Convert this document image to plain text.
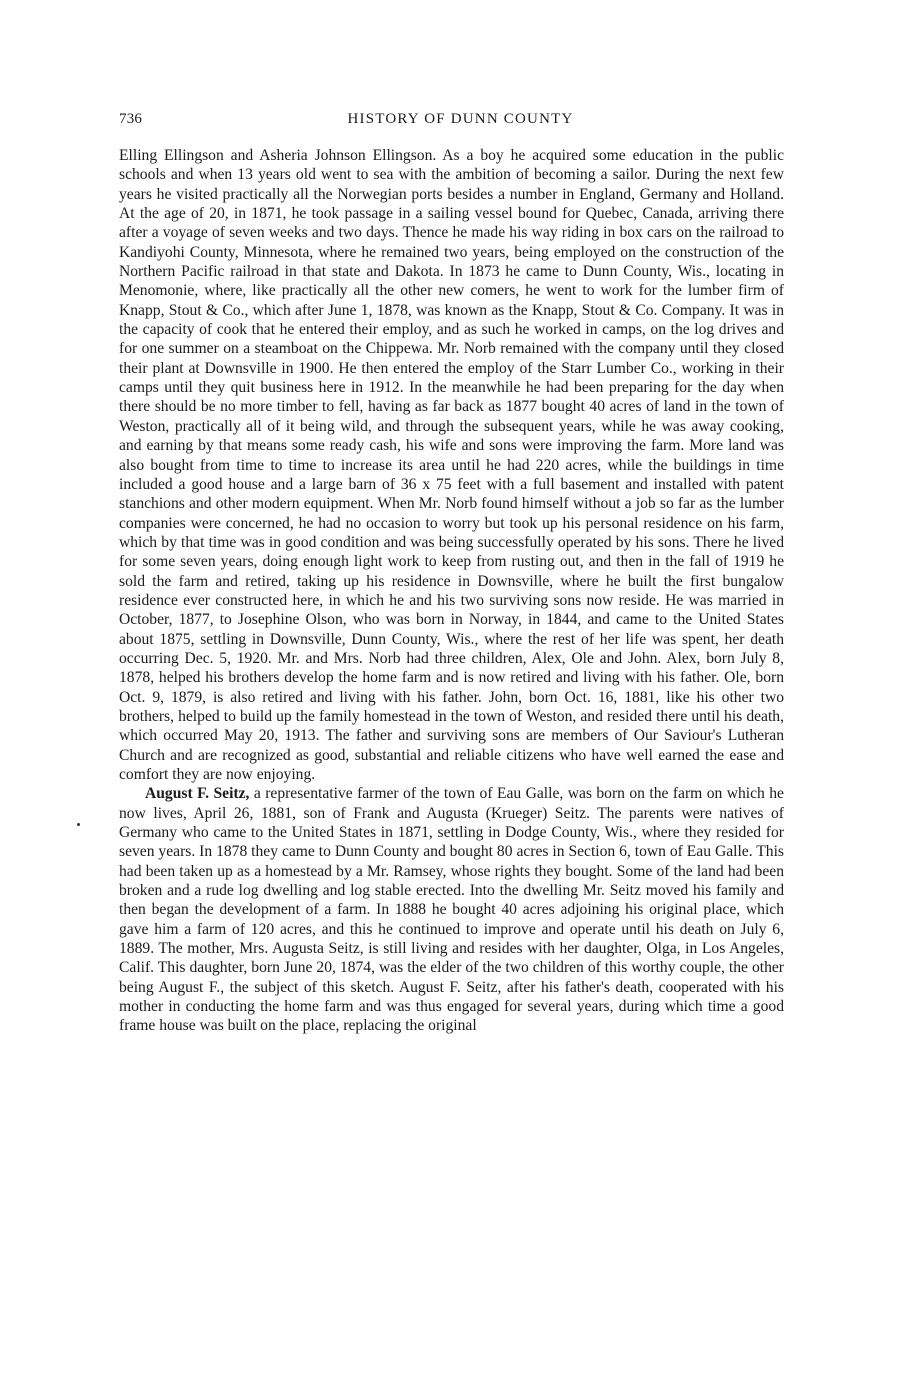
736	HISTORY OF DUNN COUNTY

Elling Ellingson and Asheria Johnson Ellingson. As a boy he acquired some education in the public schools and when 13 years old went to sea with the ambition of becoming a sailor. During the next few years he visited practically all the Norwegian ports besides a number in England, Germany and Holland. At the age of 20, in 1871, he took passage in a sailing vessel bound for Quebec, Canada, arriving there after a voyage of seven weeks and two days. Thence he made his way riding in box cars on the railroad to Kandiyohi County, Minnesota, where he remained two years, being employed on the construction of the Northern Pacific railroad in that state and Dakota. In 1873 he came to Dunn County, Wis., locating in Menomonie, where, like practically all the other new comers, he went to work for the lumber firm of Knapp, Stout & Co., which after June 1, 1878, was known as the Knapp, Stout & Co. Company. It was in the capacity of cook that he entered their employ, and as such he worked in camps, on the log drives and for one summer on a steamboat on the Chippewa. Mr. Norb remained with the company until they closed their plant at Downsville in 1900. He then entered the employ of the Starr Lumber Co., working in their camps until they quit business here in 1912. In the meanwhile he had been preparing for the day when there should be no more timber to fell, having as far back as 1877 bought 40 acres of land in the town of Weston, practically all of it being wild, and through the subsequent years, while he was away cooking, and earning by that means some ready cash, his wife and sons were improving the farm. More land was also bought from time to time to increase its area until he had 220 acres, while the buildings in time included a good house and a large barn of 36 x 75 feet with a full basement and installed with patent stanchions and other modern equipment. When Mr. Norb found himself without a job so far as the lumber companies were concerned, he had no occasion to worry but took up his personal residence on his farm, which by that time was in good condition and was being successfully operated by his sons. There he lived for some seven years, doing enough light work to keep from rusting out, and then in the fall of 1919 he sold the farm and retired, taking up his residence in Downsville, where he built the first bungalow residence ever constructed here, in which he and his two surviving sons now reside. He was married in October, 1877, to Josephine Olson, who was born in Norway, in 1844, and came to the United States about 1875, settling in Downsville, Dunn County, Wis., where the rest of her life was spent, her death occurring Dec. 5, 1920. Mr. and Mrs. Norb had three children, Alex, Ole and John. Alex, born July 8, 1878, helped his brothers develop the home farm and is now retired and living with his father. Ole, born Oct. 9, 1879, is also retired and living with his father. John, born Oct. 16, 1881, like his other two brothers, helped to build up the family homestead in the town of Weston, and resided there until his death, which occurred May 20, 1913. The father and surviving sons are members of Our Saviour's Lutheran Church and are recognized as good, substantial and reliable citizens who have well earned the ease and comfort they are now enjoying.

August F. Seitz, a representative farmer of the town of Eau Galle, was born on the farm on which he now lives, April 26, 1881, son of Frank and Augusta (Krueger) Seitz. The parents were natives of Germany who came to the United States in 1871, settling in Dodge County, Wis., where they resided for seven years. In 1878 they came to Dunn County and bought 80 acres in Section 6, town of Eau Galle. This had been taken up as a homestead by a Mr. Ramsey, whose rights they bought. Some of the land had been broken and a rude log dwelling and log stable erected. Into the dwelling Mr. Seitz moved his family and then began the development of a farm. In 1888 he bought 40 acres adjoining his original place, which gave him a farm of 120 acres, and this he continued to improve and operate until his death on July 6, 1889. The mother, Mrs. Augusta Seitz, is still living and resides with her daughter, Olga, in Los Angeles, Calif. This daughter, born June 20, 1874, was the elder of the two children of this worthy couple, the other being August F., the subject of this sketch. August F. Seitz, after his father's death, cooperated with his mother in conducting the home farm and was thus engaged for several years, during which time a good frame house was built on the place, replacing the original
